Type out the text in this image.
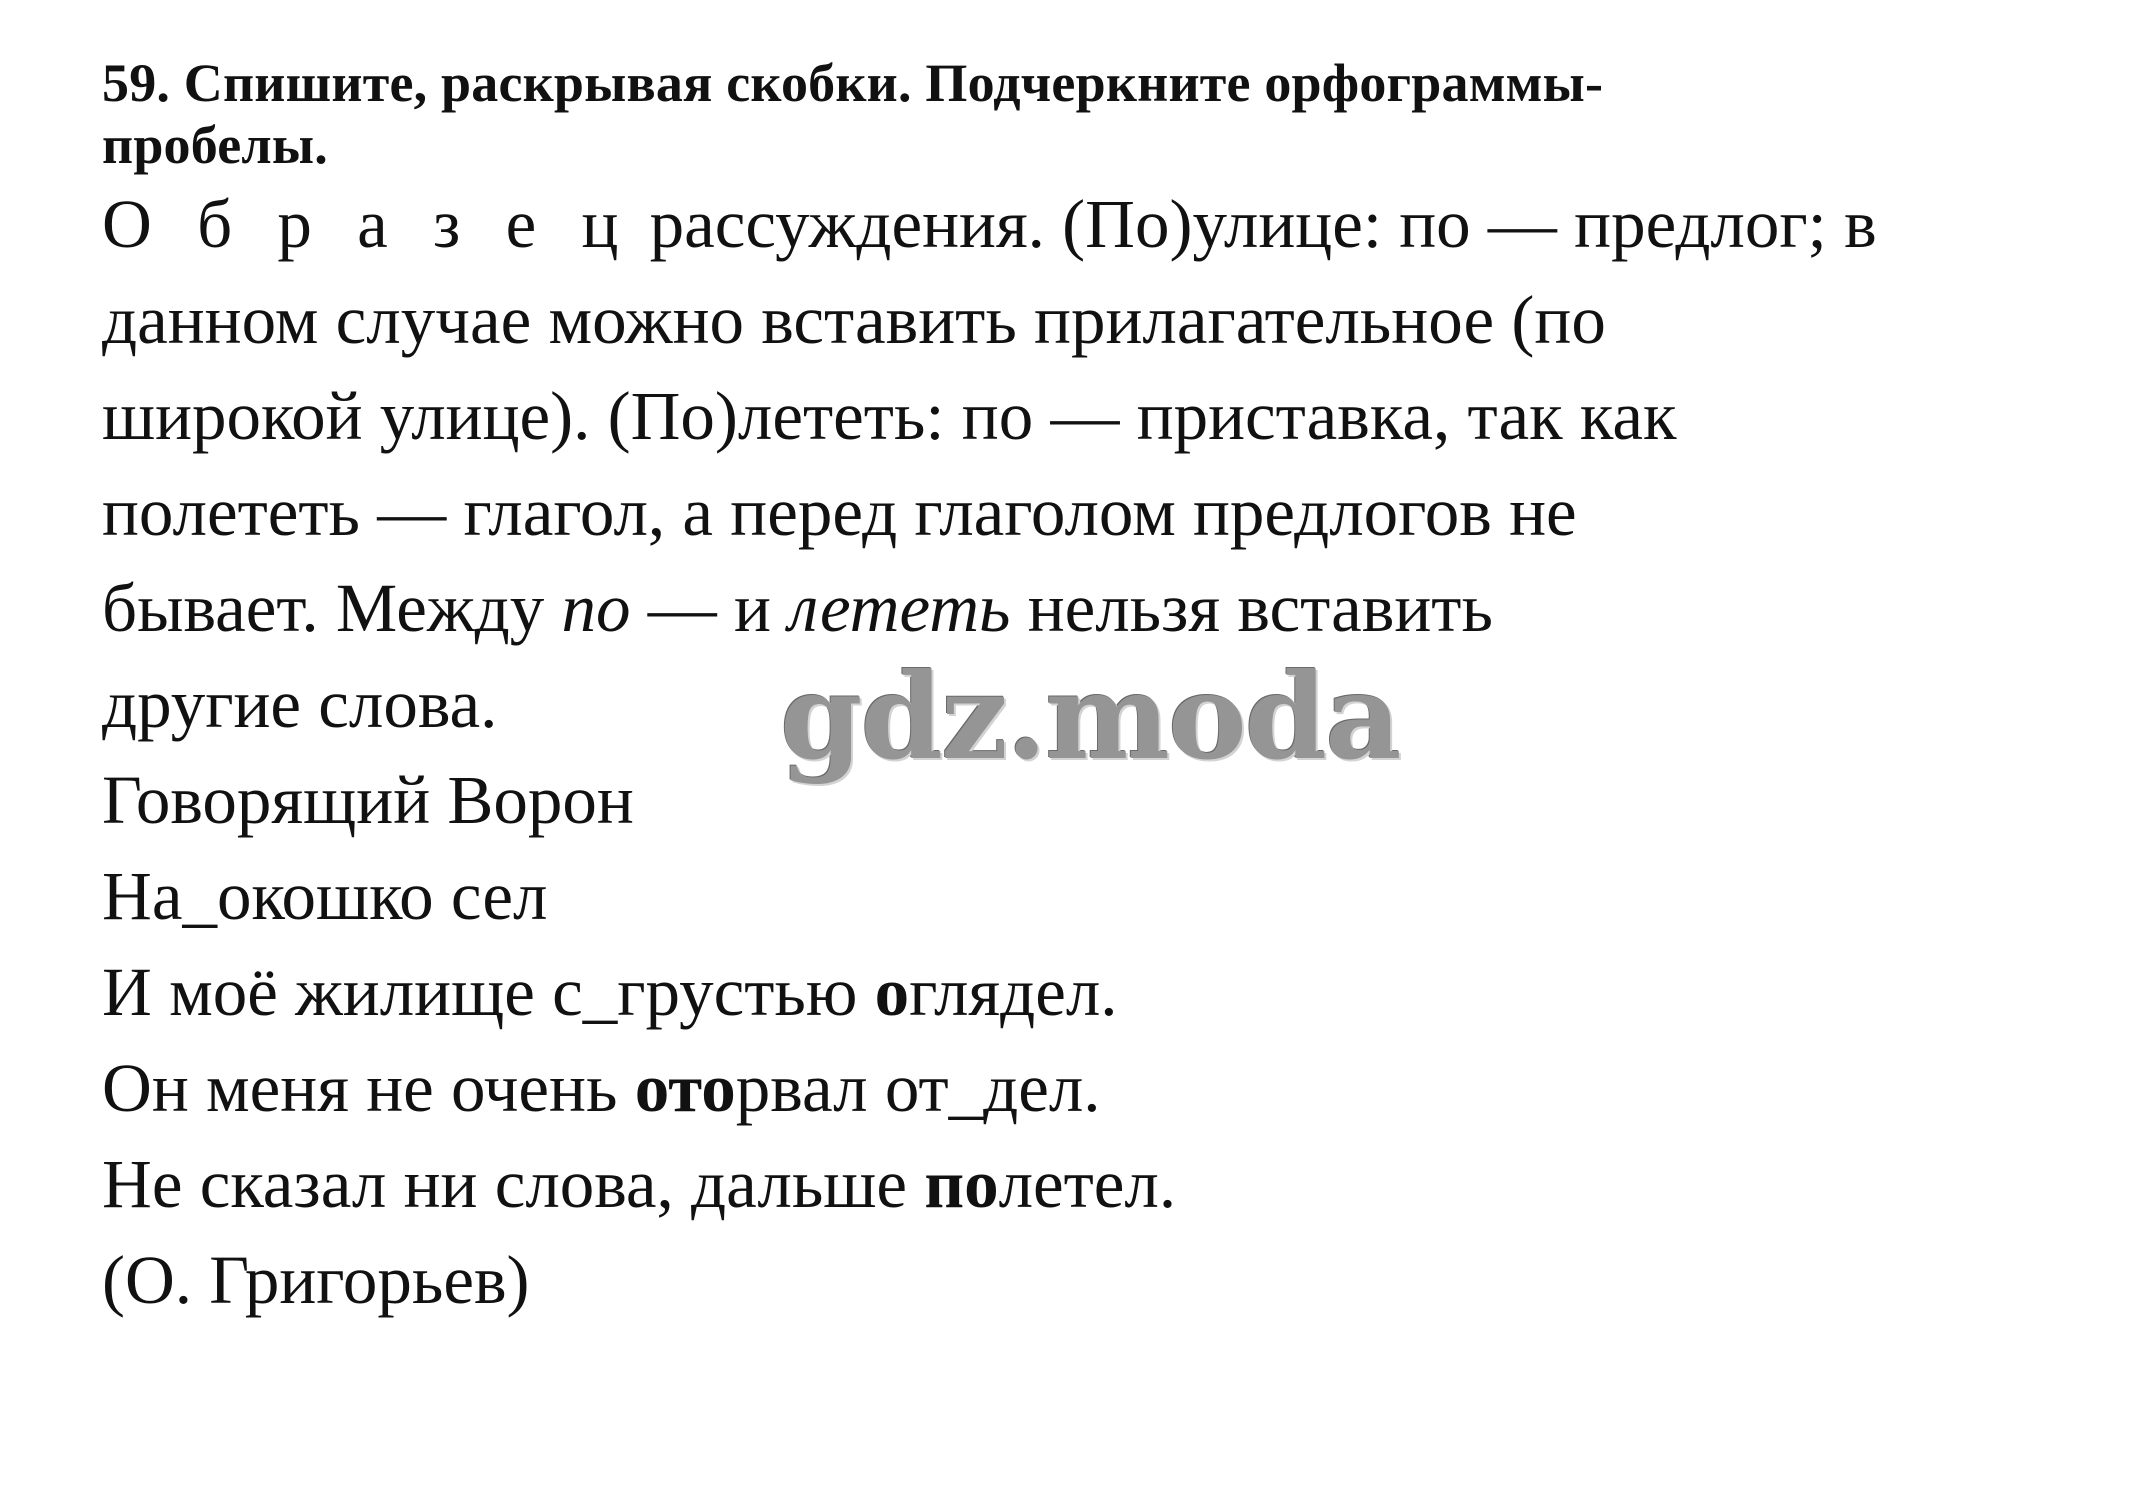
59. Спишите, раскрывая скобки. Подчеркните орфограммы-
пробелы.

О б р а з е ц рассуждения. (По)улице: по — предлог; в
данном случае можно вставить прилагательное (по
широкой улице). (По)лететь: по — приставка, так как
полететь — глагол, а перед глаголом предлогов не
бывает. Между по — и лететь нельзя вставить
другие слова.

Говорящий Ворон

На_окошко сел

И моё жилище с_грустью оглядел.

Он меня не очень оторвал от_дел.

Не сказал ни слова, дальше полетел.

(О. Григорьев)

gdz.moda
